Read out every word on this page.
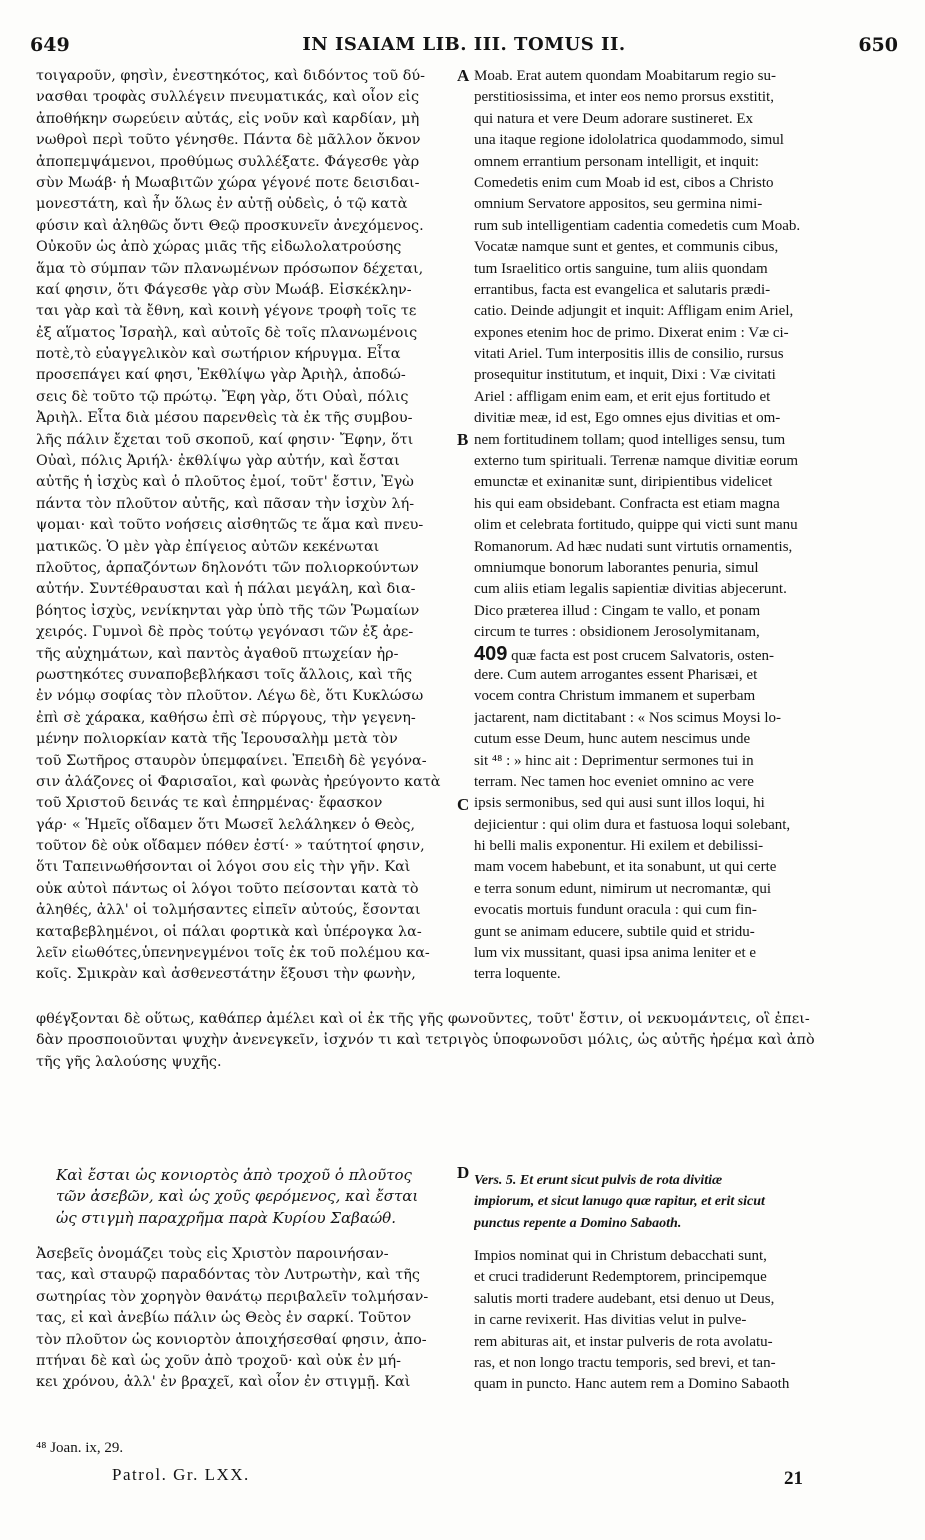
649	IN ISAIAM LIB. III. TOMUS II.	650
τοιγαροῦν, φησὶν, ἐνεστηκότος, καὶ διδόντος τοῦ δύ-
νασθαι τροφὰς συλλέγειν πνευματικάς, καὶ οἷον εἰς
ἀποθήκην σωρεύειν αὐτάς, εἰς νοῦν καὶ καρδίαν, μὴ
νωθροὶ περὶ τοῦτο γένησθε. Πάντα δὲ μᾶλλον ὄκνον
ἀποπεμψάμενοι, προθύμως συλλέξατε. Φάγεσθε γὰρ
σὺν Μωάβ· ἡ Μωαβιτῶν χώρα γέγονέ ποτε δεισιδαι-
μονεστάτη, καὶ ἦν ὅλως ἐν αὐτῇ οὐδεὶς, ὁ τῷ κατὰ
φύσιν καὶ ἀληθῶς ὄντι Θεῷ προσκυνεῖν ἀνεχόμενος.
Οὐκοῦν ὡς ἀπὸ χώρας μιᾶς τῆς εἰδωλολατρούσης
ἅμα τὸ σύμπαν τῶν πλανωμένων πρόσωπον δέχεται,
καί φησιν, ὅτι Φάγεσθε γὰρ σὺν Μωάβ. Εἰσκέκλην-
ται γὰρ καὶ τὰ ἔθνη, καὶ κοινὴ γέγονε τροφὴ τοῖς τε
ἐξ αἵματος Ἰσραὴλ, καὶ αὐτοῖς δὲ τοῖς πλανωμένοις
ποτὲ,τὸ εὐαγγελικὸν καὶ σωτήριον κήρυγμα. Εἶτα
προσεπάγει καί φησι, Ἐκθλίψω γὰρ Ἀριὴλ, ἀποδώ-
σεις δὲ τοῦτο τῷ πρώτῳ. Ἔφη γὰρ, ὅτι Οὐαὶ, πόλις
Ἀριὴλ. Εἶτα διὰ μέσου παρενθεὶς τὰ ἐκ τῆς συμβου-
λῆς πάλιν ἔχεται τοῦ σκοποῦ, καί φησιν· Ἔφην, ὅτι
Οὐαὶ, πόλις Ἀριήλ· ἐκθλίψω γὰρ αὐτήν, καὶ ἔσται
αὐτῆς ἡ ἰσχὺς καὶ ὁ πλοῦτος ἐμοί, τοῦτ' ἔστιν, Ἐγὼ
πάντα τὸν πλοῦτον αὐτῆς, καὶ πᾶσαν τὴν ἰσχὺν λή-
ψομαι· καὶ τοῦτο νοήσεις αἰσθητῶς τε ἅμα καὶ πνευ-
ματικῶς. Ὁ μὲν γὰρ ἐπίγειος αὐτῶν κεκένωται
πλοῦτος, ἁρπαζόντων δηλονότι τῶν πολιορκούντων
αὐτήν. Συντέθραυσται καὶ ἡ πάλαι μεγάλη, καὶ δια-
βόητος ἰσχὺς, νενίκηνται γὰρ ὑπὸ τῆς τῶν Ῥωμαίων
χειρός. Γυμνοὶ δὲ πρὸς τούτῳ γεγόνασι τῶν ἐξ ἀρε-
τῆς αὐχημάτων, καὶ παντὸς ἀγαθοῦ πτωχείαν ἠρ-
ρωστηκότες συναποβεβλήκασι τοῖς ἄλλοις, καὶ τῆς
ἐν νόμῳ σοφίας τὸν πλοῦτον. Λέγω δὲ, ὅτι Κυκλώσω
ἐπὶ σὲ χάρακα, καθήσω ἐπὶ σὲ πύργους, τὴν γεγενη-
μένην πολιορκίαν κατὰ τῆς Ἱερουσαλὴμ μετὰ τὸν
τοῦ Σωτῆρος σταυρὸν ὑπεμφαίνει. Ἐπειδὴ δὲ γεγόνα-
σιν ἀλάζονες οἱ Φαρισαῖοι, καὶ φωνὰς ἠρεύγοντο κατὰ
τοῦ Χριστοῦ δεινάς τε καὶ ἐπηρμένας· ἔφασκον
γάρ· « Ἡμεῖς οἴδαμεν ὅτι Μωσεῖ λελάληκεν ὁ Θεὸς,
τοῦτον δὲ οὐκ οἴδαμεν πόθεν ἐστί· » ταύτητοί φησιν,
ὅτι Ταπεινωθήσονται οἱ λόγοι σου εἰς τὴν γῆν. Καὶ
οὐκ αὐτοὶ πάντως οἱ λόγοι τοῦτο πείσονται κατὰ τὸ
ἀληθές, ἀλλ' οἱ τολμήσαντες εἰπεῖν αὐτούς, ἔσονται
καταβεβλημένοι, οἱ πάλαι φορτικὰ καὶ ὑπέρογκα λα-
λεῖν εἰωθότες,ὑπενηνεγμένοι τοῖς ἐκ τοῦ πολέμου κα-
κοῖς. Σμικρὰν καὶ ἀσθενεστάτην ἕξουσι τὴν φωνὴν,
Moab. Erat autem quondam Moabitarum regio su-
perstitiosissima, et inter eos nemo prorsus exstitit,
qui natura et vere Deum adorare sustineret. Ex
una itaque regione idololatrica quodammodo, simul
omnem errantium personam intelligit, et inquit:
Comedetis enim cum Moab id est, cibos a Christo
omnium Servatore appositos, seu germina nimi-
rum sub intelligentiam cadentia comedetis cum Moab.
Vocatæ namque sunt et gentes, et communis cibus,
tum Israelitico ortis sanguine, tum aliis quondam
errantibus, facta est evangelica et salutaris prædi-
catio. Deinde adjungit et inquit: Affligam enim Ariel,
expones etenim hoc de primo. Dixerat enim : Væ ci-
vitati Ariel. Tum interpositis illis de consilio, rursus
prosequitur institutum, et inquit, Dixi : Væ civitati
Ariel : affligam enim eam, et erit ejus fortitudo et
divitiæ meæ, id est, Ego omnes ejus divitias et om-
nem fortitudinem tollam; quod intelliges sensu, tum
externo tum spirituali. Terrenæ namque divitiæ eorum
emunctæ et exinanitæ sunt, diripientibus videlicet
his qui eam obsidebant. Confracta est etiam magna
olim et celebrata fortitudo, quippe qui victi sunt manu
Romanorum. Ad hæc nudati sunt virtutis ornamentis,
omniumque bonorum laborantes penuria, simul
cum aliis etiam legalis sapientiæ divitias abjecerunt.
Dico præterea illud : Cingam te vallo, et ponam
circum te turres : obsidionem Jerosolymitanam,
409 quæ facta est post crucem Salvatoris, osten-
dere. Cum autem arrogantes essent Pharisæi, et
vocem contra Christum immanem et superbam
jactarent, nam dictitabant : « Nos scimus Moysi lo-
cutum esse Deum, hunc autem nescimus unde
sit ⁴⁸ : » hinc ait : Deprimentur sermones tui in
terram. Nec tamen hoc eveniet omnino ac vere
ipsis sermonibus, sed qui ausi sunt illos loqui, hi
dejicientur : qui olim dura et fastuosa loqui solebant,
hi belli malis exponentur. Hi exilem et debilissi-
mam vocem habebunt, et ita sonabunt, ut qui certe
e terra sonum edunt, nimirum ut necromantæ, qui
evocatis mortuis fundunt oracula : qui cum fin-
gunt se animam educere, subtile quid et stridu-
lum vix mussitant, quasi ipsa anima leniter et e
terra loquente.
A
B
C
D
φθέγξονται δὲ οὕτως, καθάπερ ἀμέλει καὶ οἱ ἐκ τῆς γῆς φωνοῦντες, τοῦτ' ἔστιν, οἱ νεκυομάντεις, οἳ ἐπει-
δὰν προσποιοῦνται ψυχὴν ἀνενεγκεῖν, ἰσχνόν τι καὶ τετριγὸς ὑποφωνοῦσι μόλις, ὡς αὐτῆς ἠρέμα καὶ ἀπὸ
τῆς γῆς λαλούσης ψυχῆς.
Καὶ ἔσται ὡς κονιορτὸς ἀπὸ τροχοῦ ὁ πλοῦτος
τῶν ἀσεβῶν, καὶ ὡς χοῦς φερόμενος, καὶ ἔσται
ὡς στιγμὴ παραχρῆμα παρὰ Κυρίου Σαβαώθ.
Vers. 5. Et erunt sicut pulvis de rota divitiæ
impiorum, et sicut lanugo quæ rapitur, et erit sicut
punctus repente a Domino Sabaoth.
Ἀσεβεῖς ὀνομάζει τοὺς εἰς Χριστὸν παροινήσαν-
τας, καὶ σταυρῷ παραδόντας τὸν Λυτρωτὴν, καὶ τῆς
σωτηρίας τὸν χορηγὸν θανάτῳ περιβαλεῖν τολμήσαν-
τας, εἰ καὶ ἀνεβίω πάλιν ὡς Θεὸς ἐν σαρκί. Τοῦτον
τὸν πλοῦτον ὡς κονιορτὸν ἀποιχήσεσθαί φησιν, ἀπο-
πτήναι δὲ καὶ ὡς χοῦν ἀπὸ τροχοῦ· καὶ οὐκ ἐν μή-
κει χρόνου, ἀλλ' ἐν βραχεῖ, καὶ οἷον ἐν στιγμῇ. Καὶ
Impios nominat qui in Christum debacchati sunt,
et cruci tradiderunt Redemptorem, principemque
salutis morti tradere audebant, etsi denuo ut Deus,
in carne revixerit. Has divitias velut in pulve-
rem abituras ait, et instar pulveris de rota avolatu-
ras, et non longo tractu temporis, sed brevi, et tan-
quam in puncto. Hanc autem rem a Domino Sabaoth
⁴⁸ Joan. ix, 29.
Patrol. Gr. LXX.	21
